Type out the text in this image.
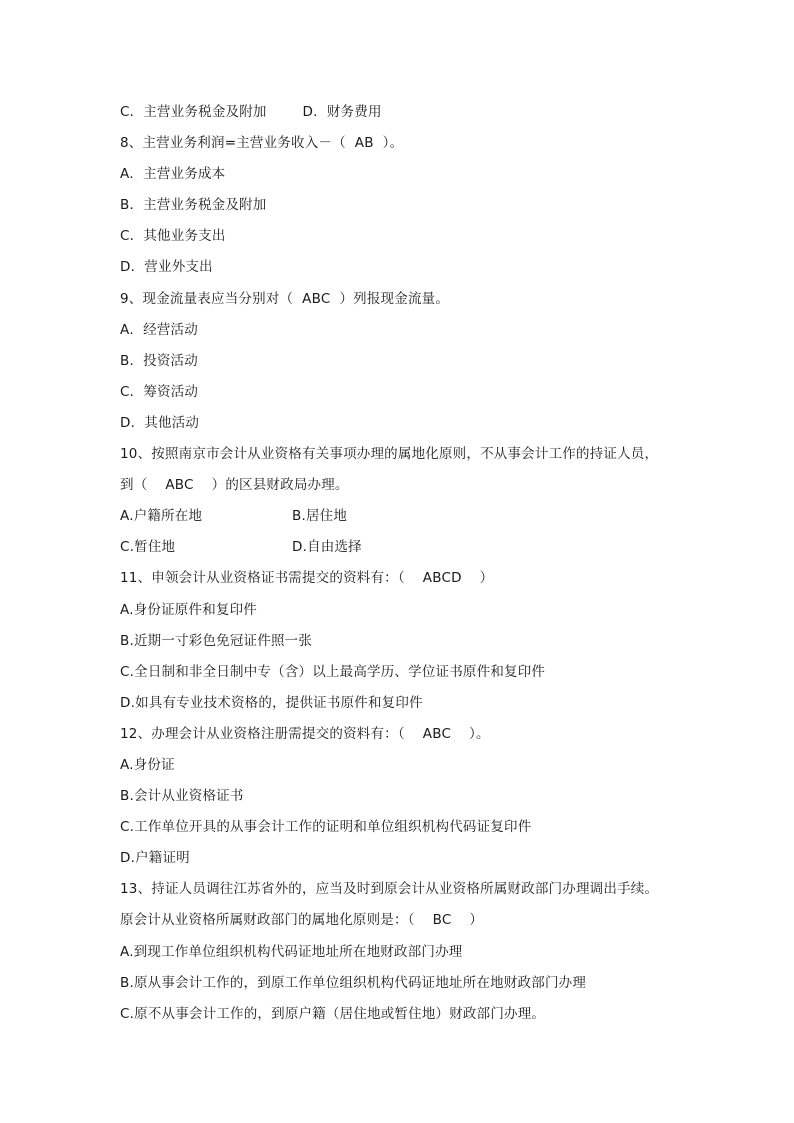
C．主营业务税金及附加        D．财务费用
8、主营业务利润=主营业务收入－（  AB  ）。
A．主营业务成本
B．主营业务税金及附加
C．其他业务支出
D．营业外支出
9、现金流量表应当分别对（  ABC  ）列报现金流量。
A．经营活动
B．投资活动
C．筹资活动
D．其他活动
10、按照南京市会计从业资格有关事项办理的属地化原则，不从事会计工作的持证人员，
到（    ABC    ）的区县财政局办理。
A.户籍所在地                    B.居住地
C.暂住地                          D.自由选择
11、申领会计从业资格证书需提交的资料有：（    ABCD    ）
A.身份证原件和复印件
B.近期一寸彩色免冠证件照一张
C.全日制和非全日制中专（含）以上最高学历、学位证书原件和复印件
D.如具有专业技术资格的，提供证书原件和复印件
12、办理会计从业资格注册需提交的资料有：（    ABC    ）。
A.身份证
B.会计从业资格证书
C.工作单位开具的从事会计工作的证明和单位组织机构代码证复印件
D.户籍证明
13、持证人员调往江苏省外的，应当及时到原会计从业资格所属财政部门办理调出手续。
原会计从业资格所属财政部门的属地化原则是：（    BC    ）
A.到现工作单位组织机构代码证地址所在地财政部门办理
B.原从事会计工作的，到原工作单位组织机构代码证地址所在地财政部门办理
C.原不从事会计工作的，到原户籍（居住地或暂住地）财政部门办理。
